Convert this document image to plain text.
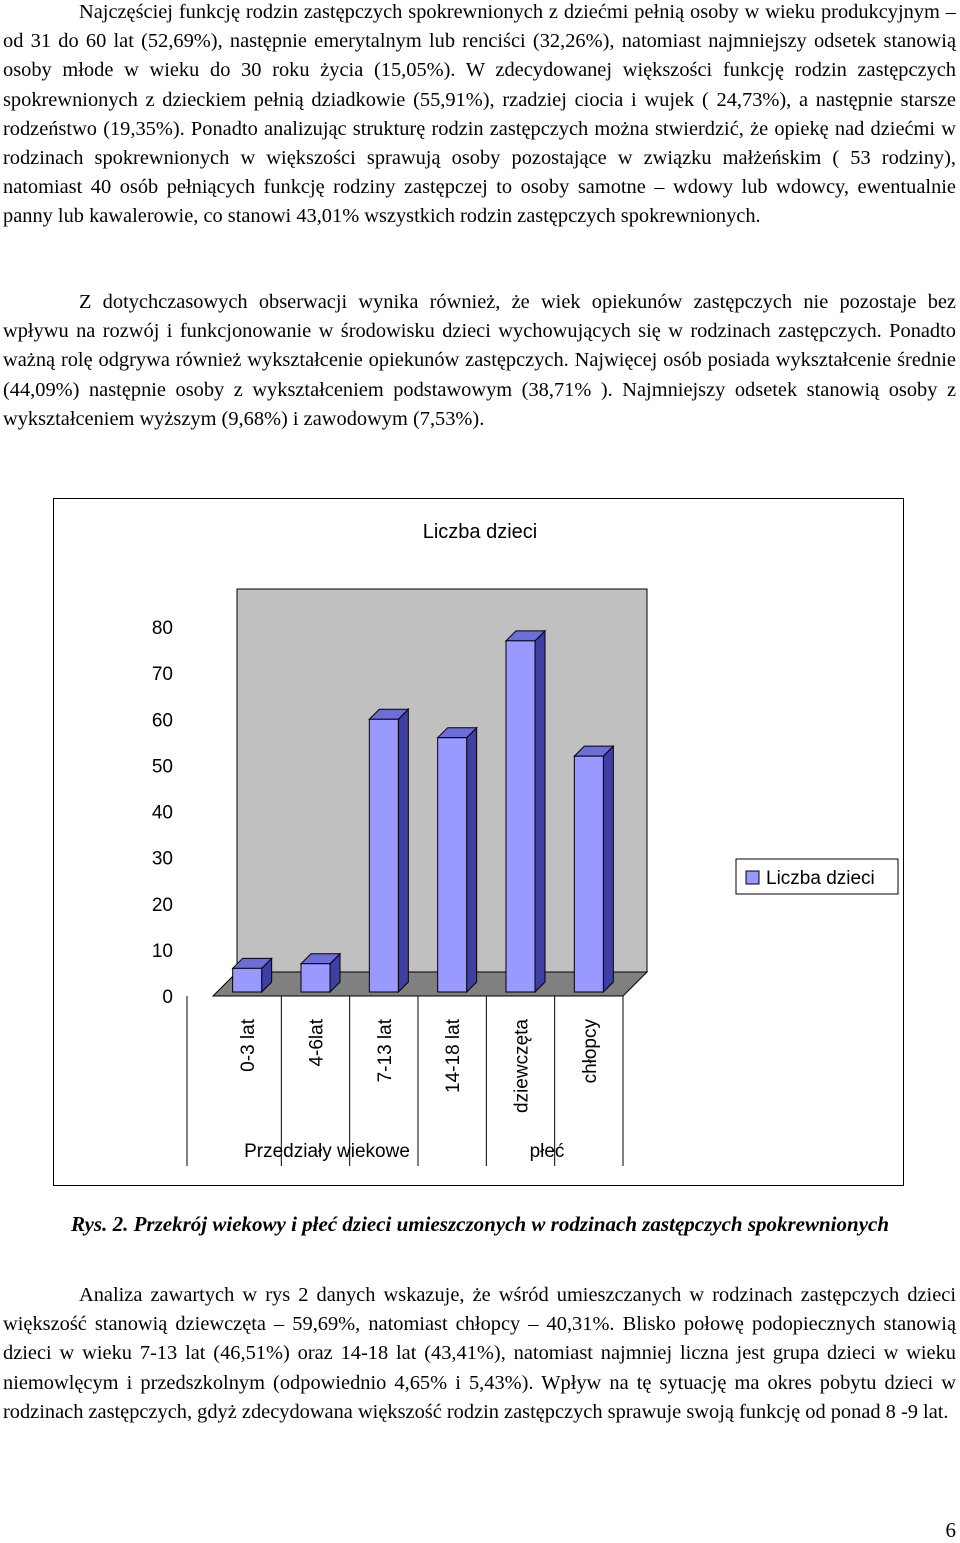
Najczęściej funkcję rodzin zastępczych spokrewnionych z dziećmi pełnią osoby w wieku produkcyjnym – od 31 do 60 lat (52,69%), następnie emerytalnym lub renciści (32,26%), natomiast najmniejszy odsetek stanowią osoby młode w wieku do 30 roku życia (15,05%). W zdecydowanej większości funkcję rodzin zastępczych spokrewnionych z dzieckiem pełnią dziadkowie (55,91%), rzadziej ciocia i wujek ( 24,73%), a następnie starsze rodzeństwo (19,35%). Ponadto analizując strukturę rodzin zastępczych można stwierdzić, że opiekę nad dziećmi w rodzinach spokrewnionych w większości sprawują osoby pozostające w związku małżeńskim ( 53 rodziny), natomiast 40 osób pełniących funkcję rodziny zastępczej to osoby samotne – wdowy lub wdowcy, ewentualnie panny lub kawalerowie, co stanowi 43,01% wszystkich rodzin zastępczych spokrewnionych.
Z dotychczasowych obserwacji wynika również, że wiek opiekunów zastępczych nie pozostaje bez wpływu na rozwój i funkcjonowanie w środowisku dzieci wychowujących się w rodzinach zastępczych. Ponadto ważną rolę odgrywa również wykształcenie opiekunów zastępczych. Najwięcej osób posiada wykształcenie średnie (44,09%) następnie osoby z wykształceniem podstawowym (38,71% ). Najmniejszy odsetek stanowią osoby z wykształceniem wyższym (9,68%) i zawodowym (7,53%).
Liczba dzieci
0
10
20
30
40
50
60
70
80
0-3 lat 4-6lat 7-13 lat 14-18 lat dziewczęta chłopcy
Przedziały wiekowe	płeć
Liczba dzieci
Rys. 2. Przekrój wiekowy i płeć dzieci umieszczonych w rodzinach zastępczych spokrewnionych
Analiza zawartych w rys 2 danych wskazuje, że wśród umieszczanych w rodzinach zastępczych dzieci większość stanowią dziewczęta – 59,69%, natomiast chłopcy – 40,31%. Blisko połowę podopiecznych stanowią dzieci w wieku 7-13 lat (46,51%) oraz 14-18 lat (43,41%), natomiast najmniej liczna jest grupa dzieci w wieku niemowlęcym i przedszkolnym (odpowiednio 4,65% i 5,43%). Wpływ na tę sytuację ma okres pobytu dzieci w rodzinach zastępczych, gdyż zdecydowana większość rodzin zastępczych sprawuje swoją funkcję od ponad 8 -9 lat.
6
